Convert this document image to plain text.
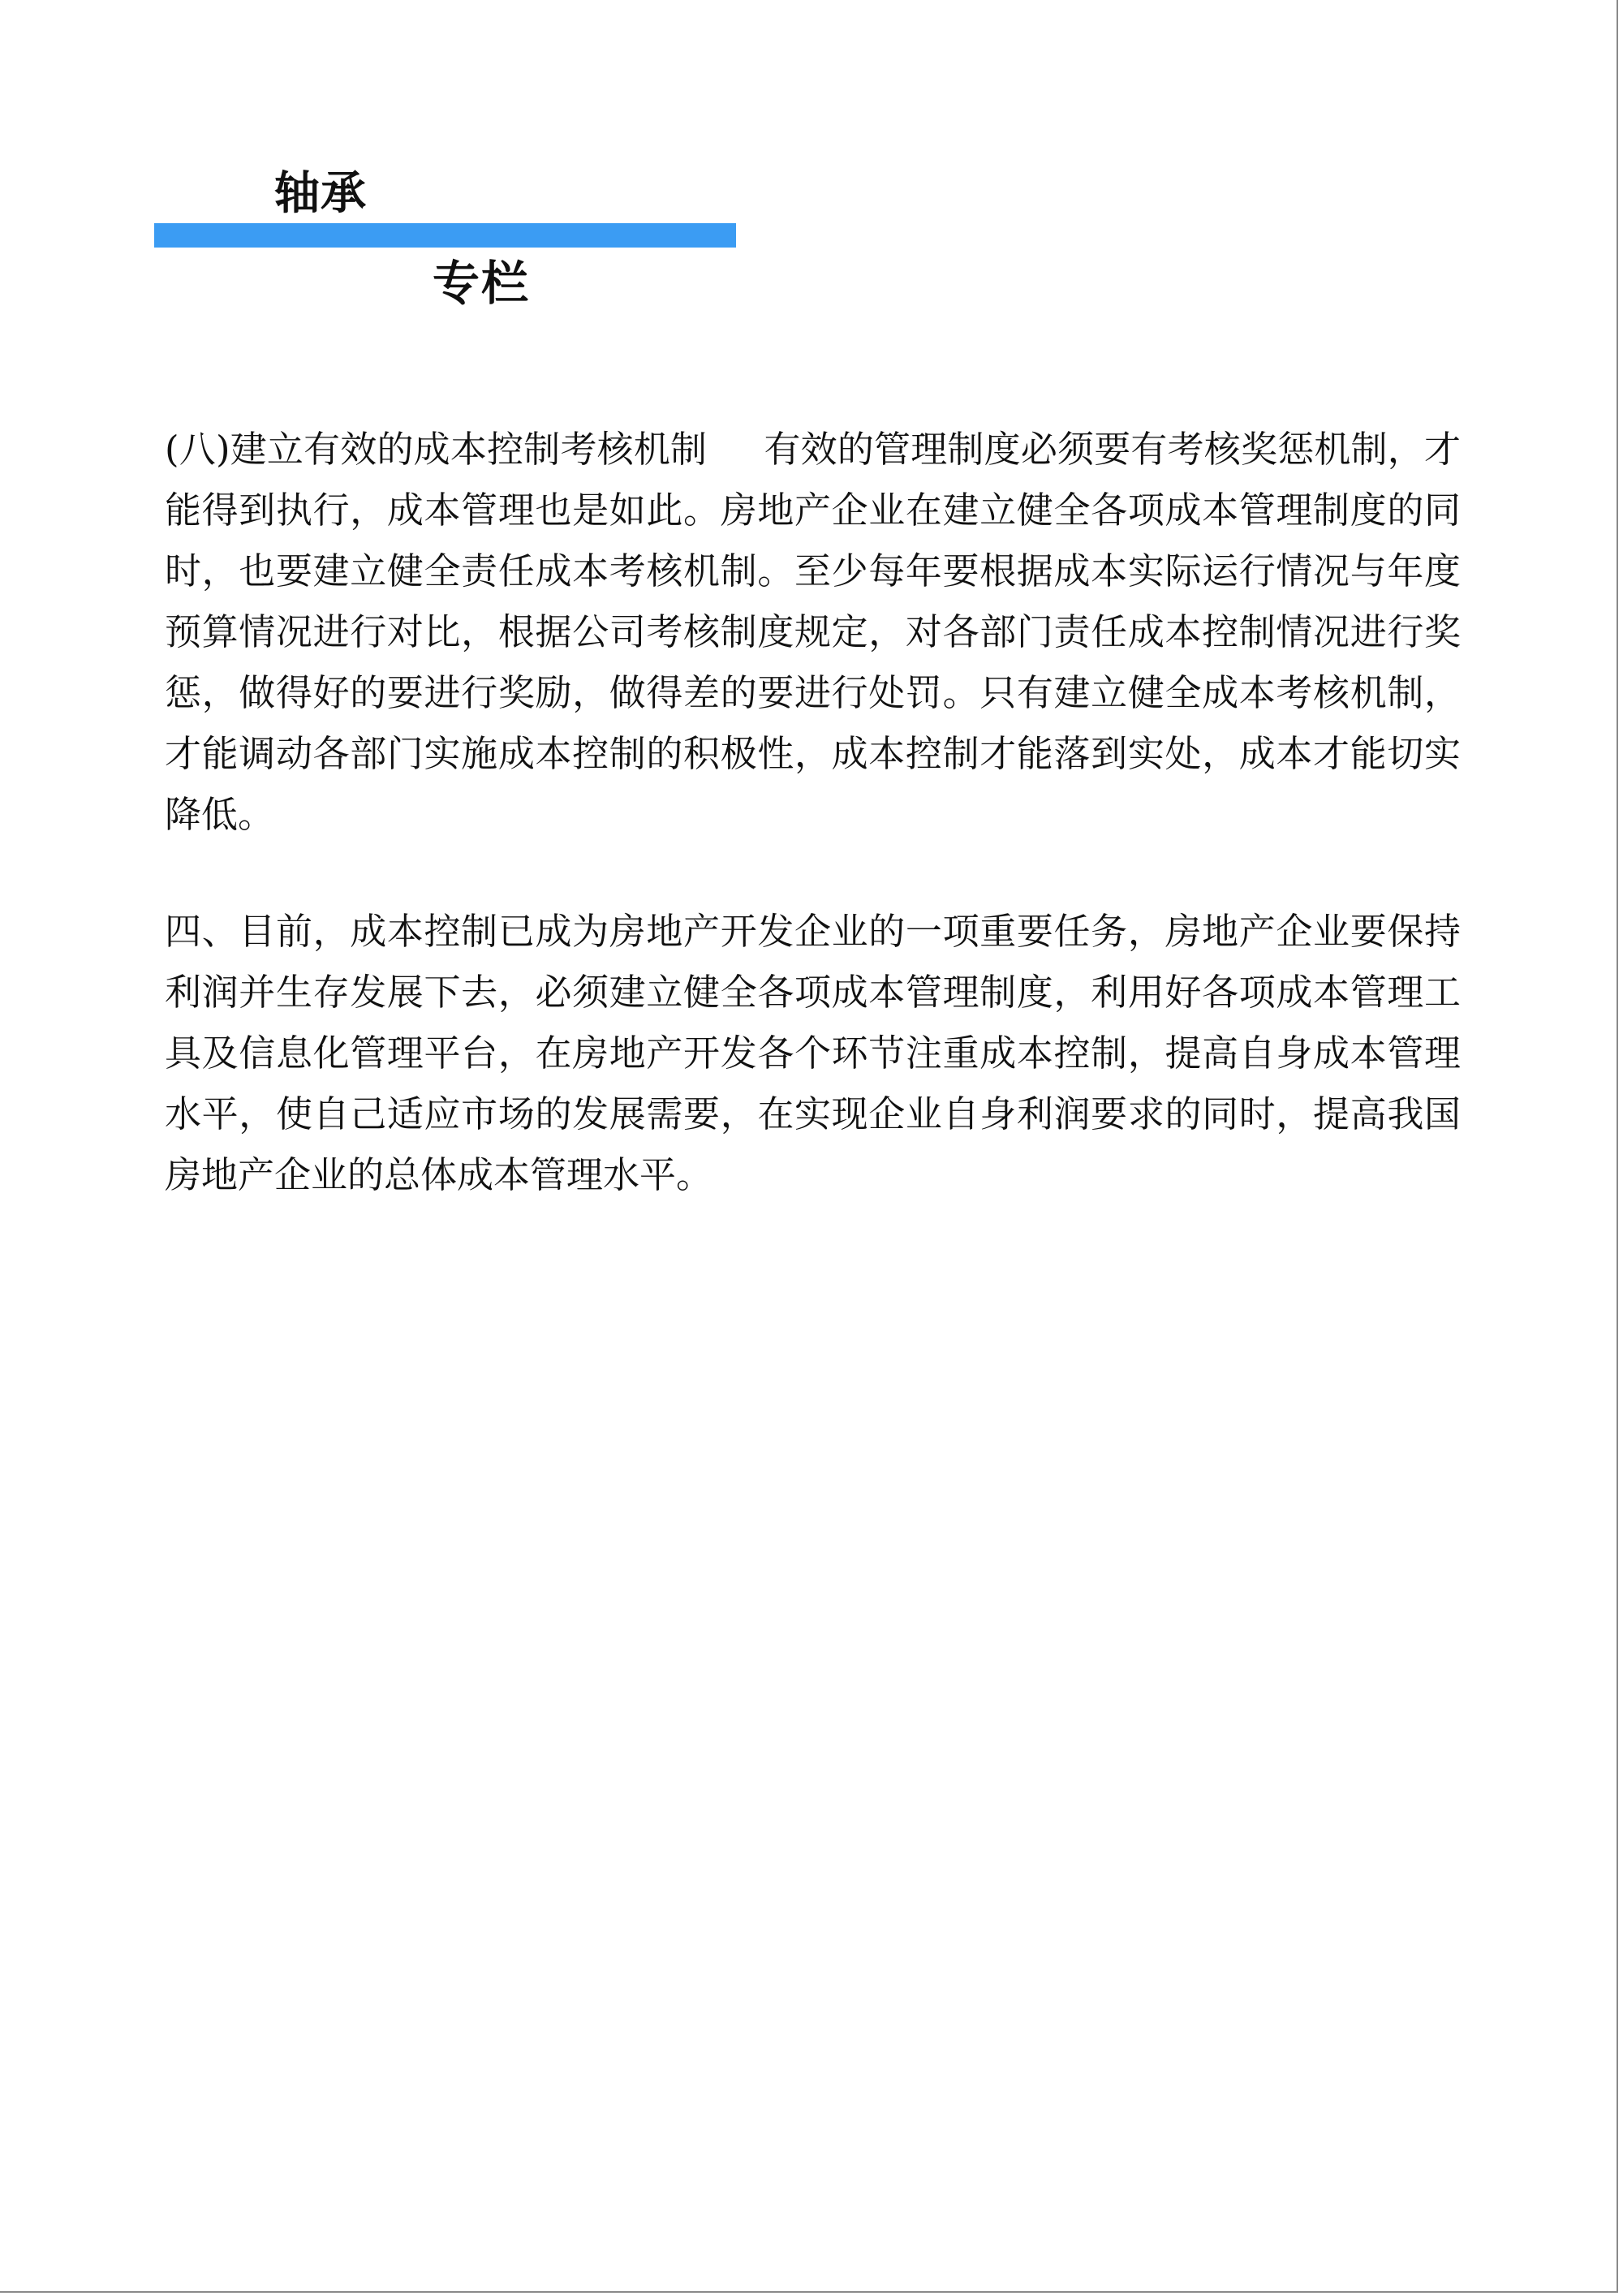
轴承
专栏

(八)建立有效的成本控制考核机制 有效的管理制度必须要有考核奖惩机制，才能得到执行，成本管理也是如此。房地产企业在建立健全各项成本管理制度的同时，也要建立健全责任成本考核机制。至少每年要根据成本实际运行情况与年度预算情况进行对比，根据公司考核制度规定，对各部门责任成本控制情况进行奖惩，做得好的要进行奖励，做得差的要进行处罚。只有建立健全成本考核机制，才能调动各部门实施成本控制的积极性，成本控制才能落到实处，成本才能切实降低。

四、目前，成本控制已成为房地产开发企业的一项重要任务，房地产企业要保持利润并生存发展下去，必须建立健全各项成本管理制度，利用好各项成本管理工具及信息化管理平台，在房地产开发各个环节注重成本控制，提高自身成本管理水平，使自己适应市场的发展需要，在实现企业自身利润要求的同时，提高我国房地产企业的总体成本管理水平。
